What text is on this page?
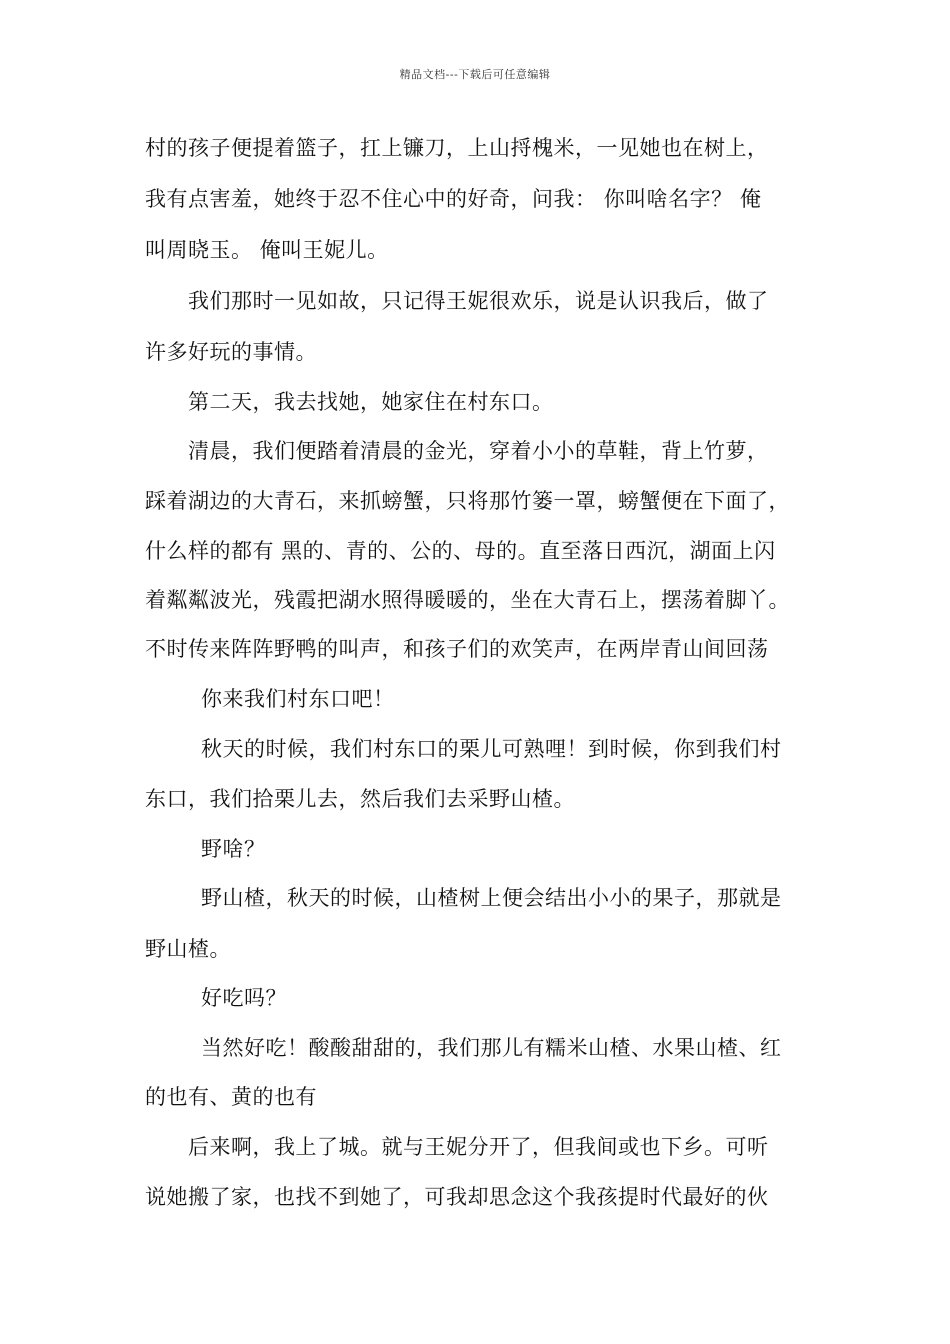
精品文档---下载后可任意编辑
村的孩子便提着篮子，扛上镰刀，上山捋槐米，一见她也在树上，
我有点害羞，她终于忍不住心中的好奇，问我： 你叫啥名字？ 俺
叫周晓玉。 俺叫王妮儿。
我们那时一见如故，只记得王妮很欢乐，说是认识我后，做了
许多好玩的事情。
第二天，我去找她，她家住在村东口。
清晨，我们便踏着清晨的金光，穿着小小的草鞋，背上竹萝，
踩着湖边的大青石，来抓螃蟹，只将那竹篓一罩，螃蟹便在下面了，
什么样的都有 黑的、青的、公的、母的。直至落日西沉，湖面上闪
着粼粼波光，残霞把湖水照得暖暖的，坐在大青石上，摆荡着脚丫。
不时传来阵阵野鸭的叫声，和孩子们的欢笑声，在两岸青山间回荡
你来我们村东口吧！
秋天的时候，我们村东口的栗儿可熟哩！到时候，你到我们村
东口，我们拾栗儿去，然后我们去采野山楂。
野啥？
野山楂，秋天的时候，山楂树上便会结出小小的果子，那就是
野山楂。
好吃吗？
当然好吃！酸酸甜甜的，我们那儿有糯米山楂、水果山楂、红
的也有、黄的也有
后来啊，我上了城。就与王妮分开了，但我间或也下乡。可听
说她搬了家，也找不到她了，可我却思念这个我孩提时代最好的伙
